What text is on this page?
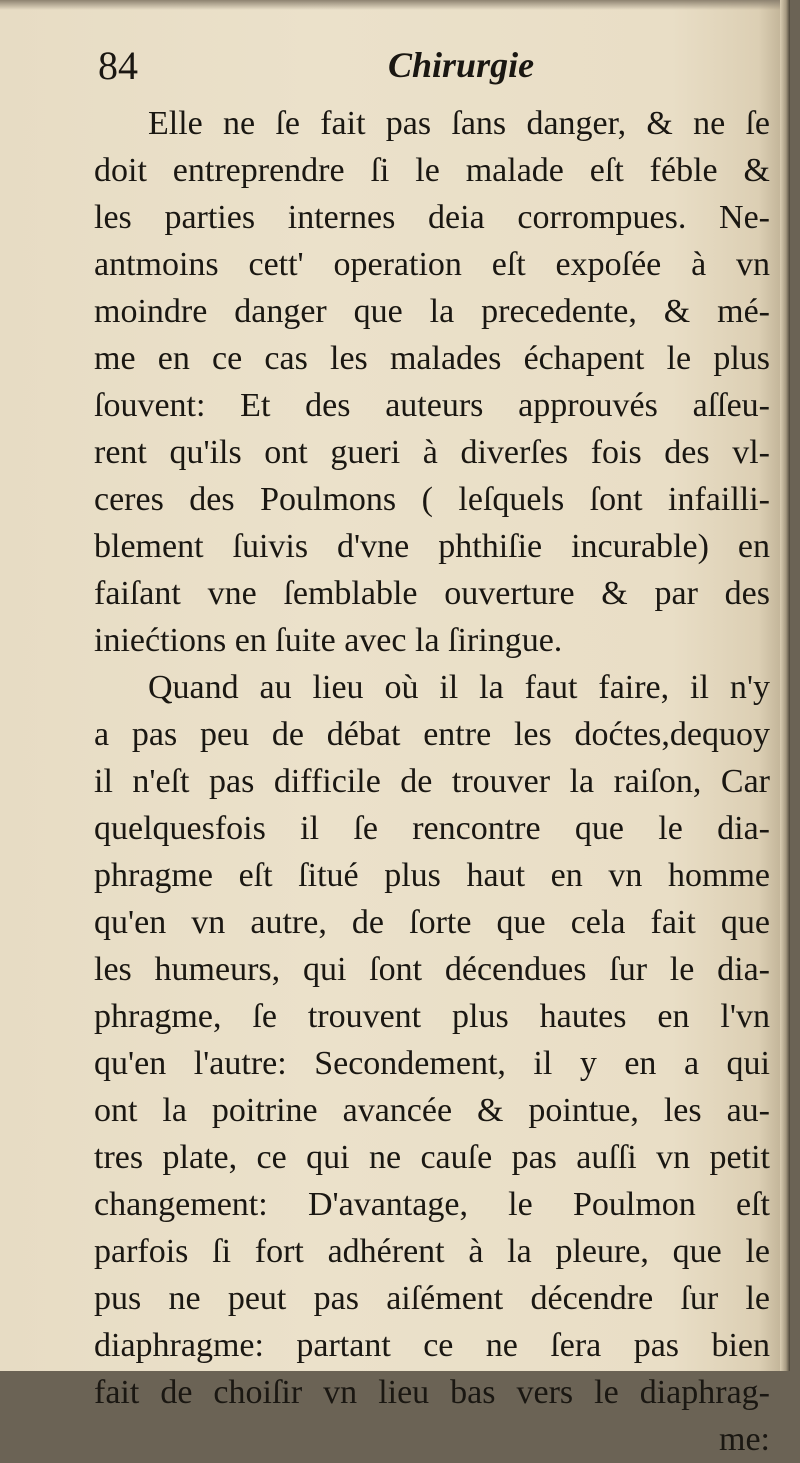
84	Chirurgie
Elle ne ſe fait pas ſans danger, & ne ſe
doit entreprendre ſi le malade eſt féble &
les parties internes deia corrompues. Ne-
antmoins cett' operation eſt expoſée à vn
moindre danger que la precedente, & mé-
me en ce cas les malades échapent le plus
ſouvent: Et des auteurs approuvés aſſeu-
rent qu'ils ont gueri à diverſes fois des vl-
ceres des Poulmons ( leſquels ſont infailli-
blement ſuivis d'vne phthiſie incurable) en
faiſant vne ſemblable ouverture & par des
iniećtions en ſuite avec la ſiringue.
Quand au lieu où il la faut faire, il n'y
a pas peu de débat entre les doćtes,dequoy
il n'eſt pas difficile de trouver la raiſon, Car
quelquesfois il ſe rencontre que le dia-
phragme eſt ſitué plus haut en vn homme
qu'en vn autre, de ſorte que cela fait que
les humeurs, qui ſont décendues ſur le dia-
phragme, ſe trouvent plus hautes en l'vn
qu'en l'autre: Secondement, il y en a qui
ont la poitrine avancée & pointue, les au-
tres plate, ce qui ne cauſe pas auſſi vn petit
changement: D'avantage, le Poulmon eſt
parfois ſi fort adhérent à la pleure, que le
pus ne peut pas aiſément décendre ſur le
diaphragme: partant ce ne ſera pas bien
fait de choiſir vn lieu bas vers le diaphrag-
me:
